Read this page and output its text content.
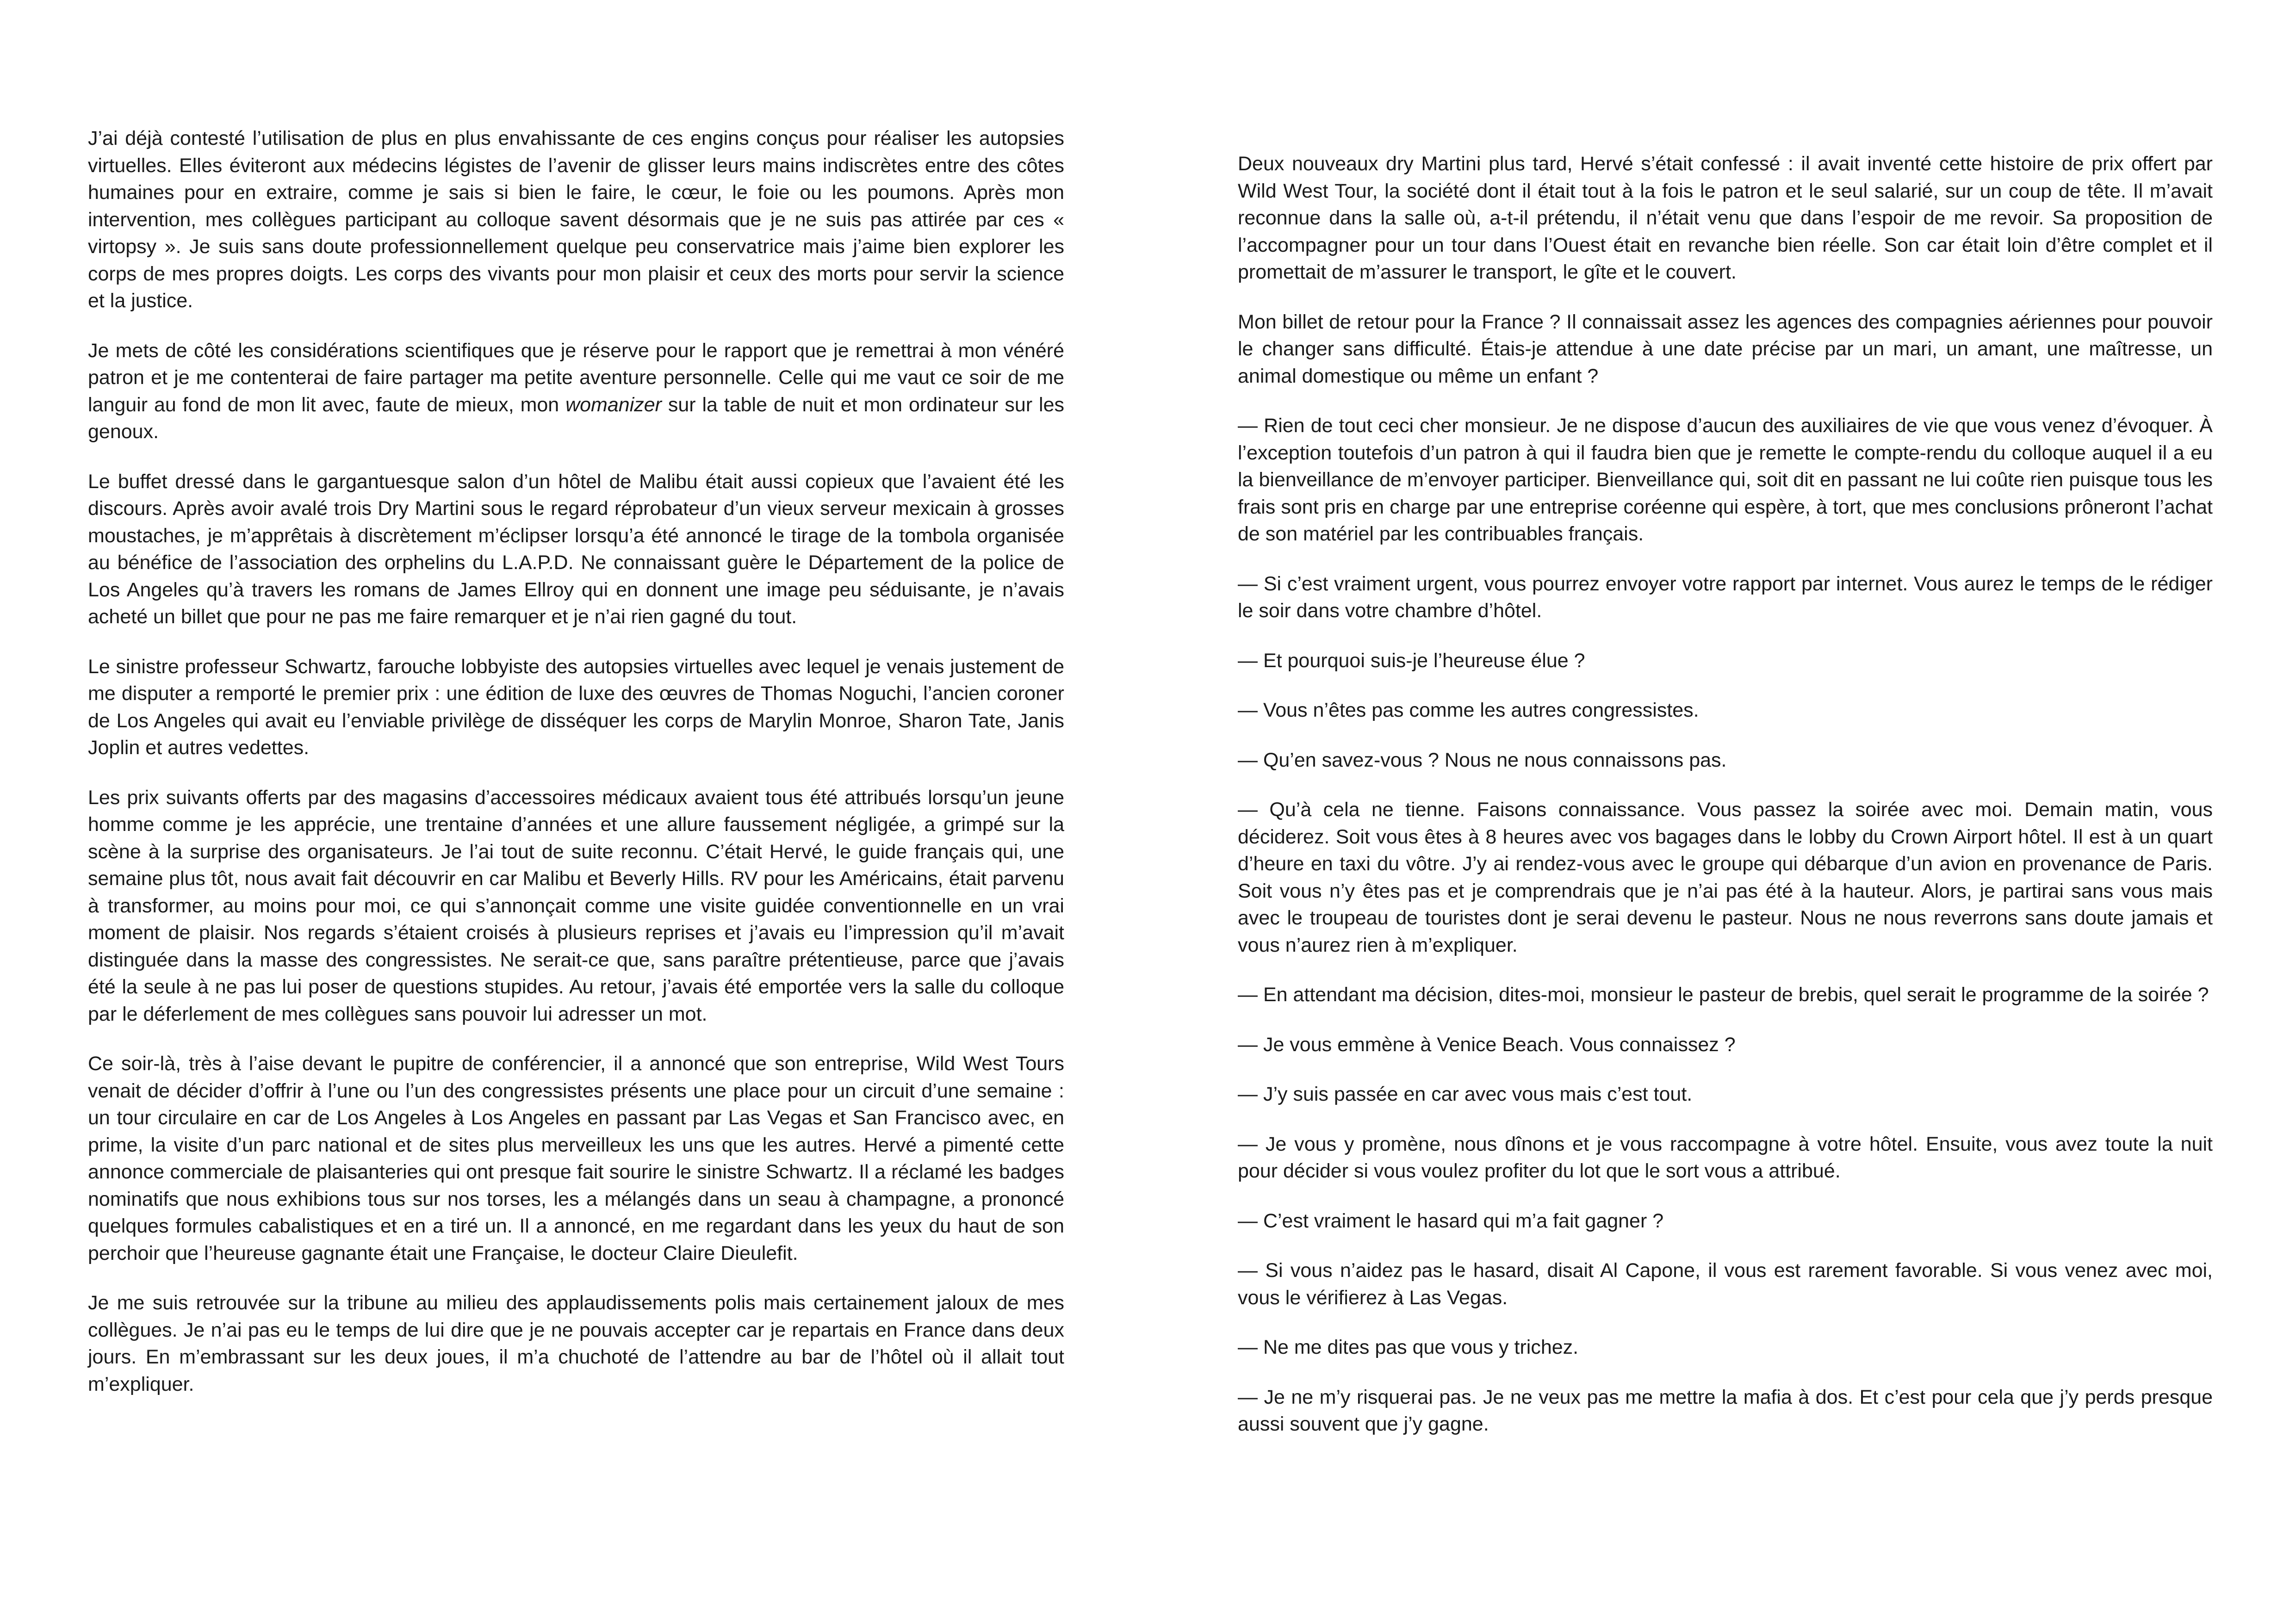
J’ai déjà contesté l’utilisation de plus en plus envahissante de ces engins conçus pour réaliser les autopsies virtuelles. Elles éviteront aux médecins légistes de l’avenir de glisser leurs mains indiscrètes entre des côtes humaines pour en extraire, comme je sais si bien le faire, le cœur, le foie ou les poumons. Après mon intervention, mes collègues participant au colloque savent désormais que je ne suis pas attirée par ces « virtopsy ». Je suis sans doute professionnellement quelque peu conservatrice mais j’aime bien explorer les corps de mes propres doigts. Les corps des vivants pour mon plaisir et ceux des morts pour servir la science et la justice.

Je mets de côté les considérations scientifiques que je réserve pour le rapport que je remettrai à mon vénéré patron et je me contenterai de faire partager ma petite aventure personnelle. Celle qui me vaut ce soir de me languir au fond de mon lit avec, faute de mieux, mon womanizer sur la table de nuit et mon ordinateur sur les genoux.

Le buffet dressé dans le gargantuesque salon d’un hôtel de Malibu était aussi copieux que l’avaient été les discours. Après avoir avalé trois Dry Martini sous le regard réprobateur d’un vieux serveur mexicain à grosses moustaches, je m’apprêtais à discrètement m’éclipser lorsqu’a été annoncé le tirage de la tombola organisée au bénéfice de l’association des orphelins du L.A.P.D. Ne connaissant guère le Département de la police de Los Angeles qu’à travers les romans de James Ellroy qui en donnent une image peu séduisante, je n’avais acheté un billet que pour ne pas me faire remarquer et je n’ai rien gagné du tout.

Le sinistre professeur Schwartz, farouche lobbyiste des autopsies virtuelles avec lequel je venais justement de me disputer a remporté le premier prix : une édition de luxe des œuvres de Thomas Noguchi, l’ancien coroner de Los Angeles qui avait eu l’enviable privilège de disséquer les corps de Marylin Monroe, Sharon Tate, Janis Joplin et autres vedettes.

Les prix suivants offerts par des magasins d’accessoires médicaux avaient tous été attribués lorsqu’un jeune homme comme je les apprécie, une trentaine d’années et une allure faussement négligée, a grimpé sur la scène à la surprise des organisateurs. Je l’ai tout de suite reconnu. C’était Hervé, le guide français qui, une semaine plus tôt, nous avait fait découvrir en car Malibu et Beverly Hills. RV pour les Américains, était parvenu à transformer, au moins pour moi, ce qui s’annonçait comme une visite guidée conventionnelle en un vrai moment de plaisir. Nos regards s’étaient croisés à plusieurs reprises et j’avais eu l’impression qu’il m’avait distinguée dans la masse des congressistes. Ne serait-ce que, sans paraître prétentieuse, parce que j’avais été la seule à ne pas lui poser de questions stupides. Au retour, j’avais été emportée vers la salle du colloque par le déferlement de mes collègues sans pouvoir lui adresser un mot.

Ce soir-là, très à l’aise devant le pupitre de conférencier, il a annoncé que son entreprise, Wild West Tours venait de décider d’offrir à l’une ou l’un des congressistes présents une place pour un circuit d’une semaine : un tour circulaire en car de Los Angeles à Los Angeles en passant par Las Vegas et San Francisco avec, en prime, la visite d’un parc national et de sites plus merveilleux les uns que les autres. Hervé a pimenté cette annonce commerciale de plaisanteries qui ont presque fait sourire le sinistre Schwartz. Il a réclamé les badges nominatifs que nous exhibions tous sur nos torses, les a mélangés dans un seau à champagne, a prononcé quelques formules cabalistiques et en a tiré un. Il a annoncé, en me regardant dans les yeux du haut de son perchoir que l’heureuse gagnante était une Française, le docteur Claire Dieulefit.

Je me suis retrouvée sur la tribune au milieu des applaudissements polis mais certainement jaloux de mes collègues. Je n’ai pas eu le temps de lui dire que je ne pouvais accepter car je repartais en France dans deux jours. En m’embrassant sur les deux joues, il m’a chuchoté de l’attendre au bar de l’hôtel où il allait tout m’expliquer.

Deux nouveaux dry Martini plus tard, Hervé s’était confessé : il avait inventé cette histoire de prix offert par Wild West Tour, la société dont il était tout à la fois le patron et le seul salarié, sur un coup de tête. Il m’avait reconnue dans la salle où, a-t-il prétendu, il n’était venu que dans l’espoir de me revoir. Sa proposition de l’accompagner pour un tour dans l’Ouest était en revanche bien réelle. Son car était loin d’être complet et il promettait de m’assurer le transport, le gîte et le couvert.

Mon billet de retour pour la France ? Il connaissait assez les agences des compagnies aériennes pour pouvoir le changer sans difficulté. Étais-je attendue à une date précise par un mari, un amant, une maîtresse, un animal domestique ou même un enfant ?

— Rien de tout ceci cher monsieur. Je ne dispose d’aucun des auxiliaires de vie que vous venez d’évoquer. À l’exception toutefois d’un patron à qui il faudra bien que je remette le compte-rendu du colloque auquel il a eu la bienveillance de m’envoyer participer. Bienveillance qui, soit dit en passant ne lui coûte rien puisque tous les frais sont pris en charge par une entreprise coréenne qui espère, à tort, que mes conclusions prôneront l’achat de son matériel par les contribuables français.

— Si c’est vraiment urgent, vous pourrez envoyer votre rapport par internet. Vous aurez le temps de le rédiger le soir dans votre chambre d’hôtel.

— Et pourquoi suis-je l’heureuse élue ?

— Vous n’êtes pas comme les autres congressistes.

— Qu’en savez-vous ? Nous ne nous connaissons pas.

— Qu’à cela ne tienne. Faisons connaissance. Vous passez la soirée avec moi. Demain matin, vous déciderez. Soit vous êtes à 8 heures avec vos bagages dans le lobby du Crown Airport hôtel. Il est à un quart d’heure en taxi du vôtre. J’y ai rendez-vous avec le groupe qui débarque d’un avion en provenance de Paris. Soit vous n’y êtes pas et je comprendrais que je n’ai pas été à la hauteur. Alors, je partirai sans vous mais avec le troupeau de touristes dont je serai devenu le pasteur. Nous ne nous reverrons sans doute jamais et vous n’aurez rien à m’expliquer.

— En attendant ma décision, dites-moi, monsieur le pasteur de brebis, quel serait le programme de la soirée ?

— Je vous emmène à Venice Beach. Vous connaissez ?

— J’y suis passée en car avec vous mais c’est tout.

— Je vous y promène, nous dînons et je vous raccompagne à votre hôtel. Ensuite, vous avez toute la nuit pour décider si vous voulez profiter du lot que le sort vous a attribué.

— C’est vraiment le hasard qui m’a fait gagner ?

— Si vous n’aidez pas le hasard, disait Al Capone, il vous est rarement favorable. Si vous venez avec moi, vous le vérifierez à Las Vegas.

— Ne me dites pas que vous y trichez.

— Je ne m’y risquerai pas. Je ne veux pas me mettre la mafia à dos. Et c’est pour cela que j’y perds presque aussi souvent que j’y gagne.
